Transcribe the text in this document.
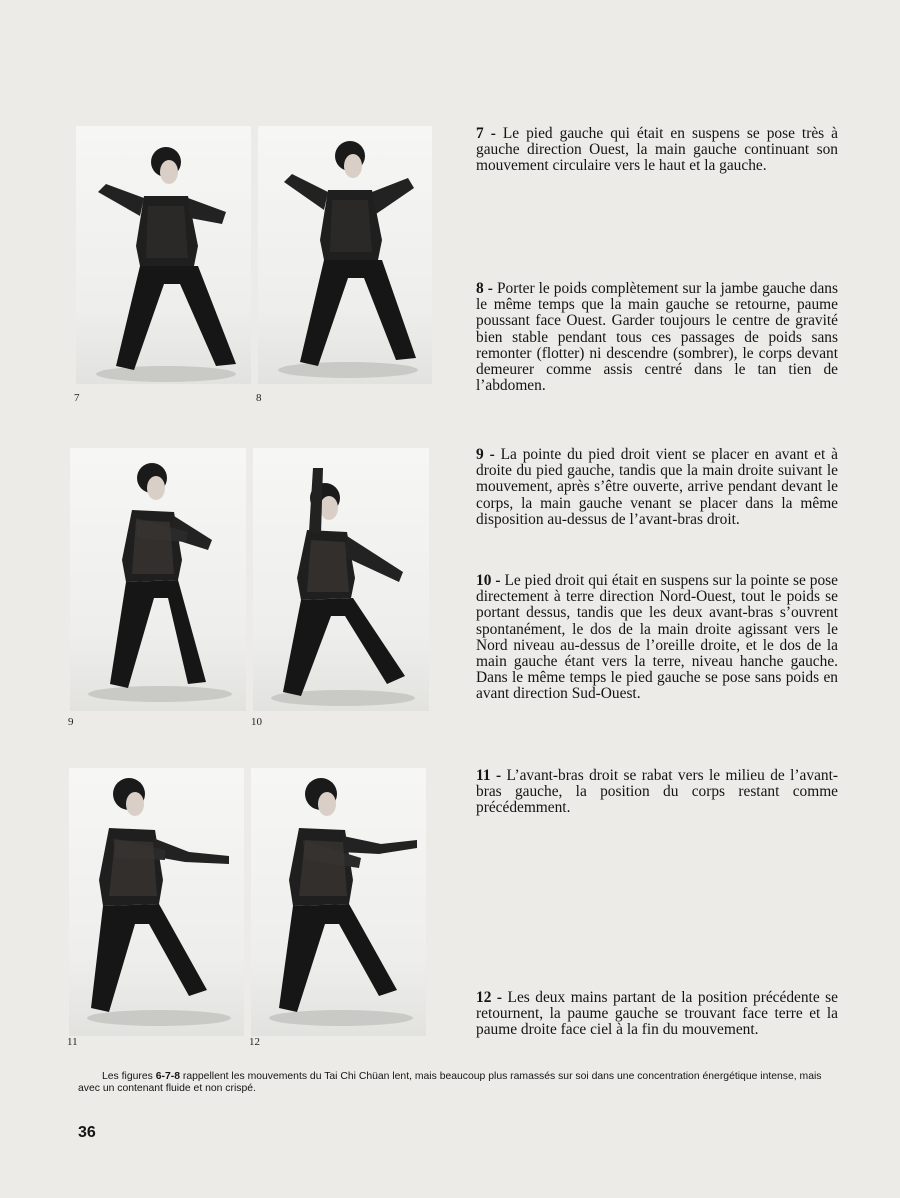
7	8
9	10
11	12

7 - Le pied gauche qui était en suspens se pose très à gauche direction Ouest, la main gauche continuant son mouvement circulaire vers le haut et la gauche.

8 - Porter le poids complètement sur la jambe gauche dans le même temps que la main gauche se retourne, paume poussant face Ouest. Garder toujours le centre de gravité bien stable pendant tous ces passages de poids sans remonter (flotter) ni descendre (sombrer), le corps devant demeurer comme assis centré dans le tan tien de l’abdomen.

9 - La pointe du pied droit vient se placer en avant et à droite du pied gauche, tandis que la main droite suivant le mouvement, après s’être ouverte, arrive pendant devant le corps, la main gauche venant se placer dans la même disposition au-dessus de l’avant-bras droit.

10 - Le pied droit qui était en suspens sur la pointe se pose directement à terre direction Nord-Ouest, tout le poids se portant dessus, tandis que les deux avant-bras s’ouvrent spontanément, le dos de la main droite agissant vers le Nord niveau au-dessus de l’oreille droite, et le dos de la main gauche étant vers la terre, niveau hanche gauche. Dans le même temps le pied gauche se pose sans poids en avant direction Sud-Ouest.

11 - L’avant-bras droit se rabat vers le milieu de l’avant-bras gauche, la position du corps restant comme précédemment.

12 - Les deux mains partant de la position précédente se retournent, la paume gauche se trouvant face terre et la paume droite face ciel à la fin du mouvement.

Les figures 6-7-8 rappellent les mouvements du Tai Chi Chüan lent, mais beaucoup plus ramassés sur soi dans une concentration énergétique intense, mais avec un contenant fluide et non crispé.

36
